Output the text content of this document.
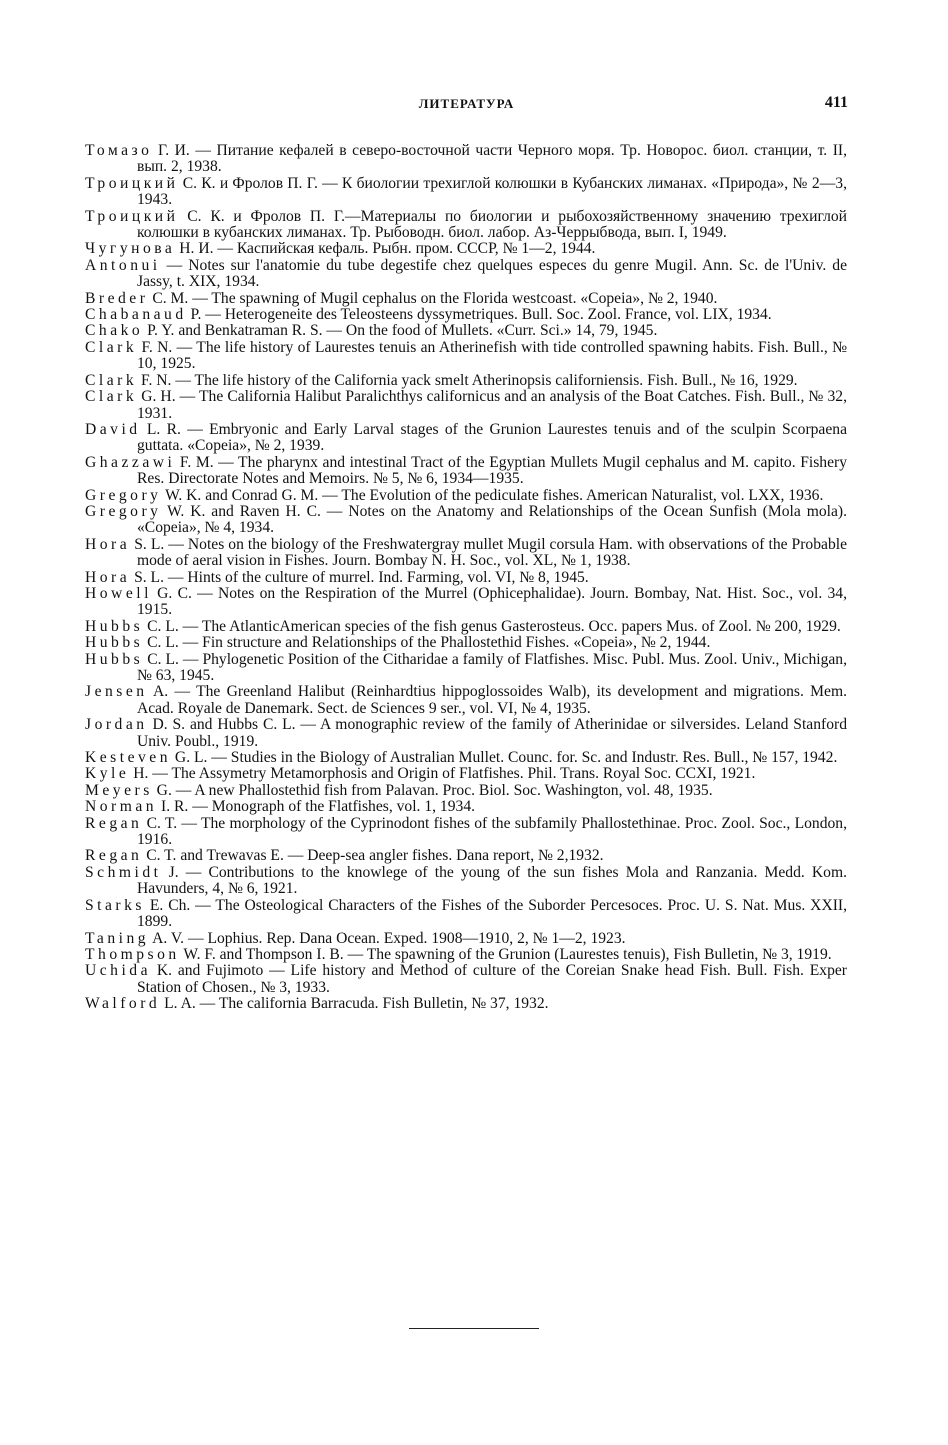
ЛИТЕРАТУРА	411
Томазо Г. И. — Питание кефалей в северо-восточной части Черного моря. Тр. Новорос. биол. станции, т. II, вып. 2, 1938.
Троицкий С. К. и Фролов П. Г. — К биологии трехиглой колюшки в Кубанских лиманах. «Природа», № 2—3, 1943.
Троицкий С. К. и Фролов П. Г.—Материалы по биологии и рыбохозяйственному значению трехиглой колюшки в кубанских лиманах. Тр. Рыбоводн. биол. лабор. Аз-Черрыбвода, вып. I, 1949.
Чугунова Н. И. — Каспийская кефаль. Рыбн. пром. СССР, № 1—2, 1944.
Antonui — Notes sur l'anatomie du tube degestife chez quelques especes du genre Mugil. Ann. Sc. de l'Univ. de Jassy, t. XIX, 1934.
Breder C. M. — The spawning of Mugil cephalus on the Florida westcoast. «Copeia», № 2, 1940.
Chabanaud P. — Heterogeneite des Teleosteens dyssymetriques. Bull. Soc. Zool. France, vol. LIX, 1934.
Chako P. Y. and Benkatraman R. S. — On the food of Mullets. «Curr. Sci.» 14, 79, 1945.
Clark F. N. — The life history of Laurestes tenuis an Atherinefish with tide controlled spawning habits. Fish. Bull., № 10, 1925.
Clark F. N. — The life history of the California yack smelt Atherinopsis californiensis. Fish. Bull., № 16, 1929.
Clark G. H. — The California Halibut Paralichthys californicus and an analysis of the Boat Catches. Fish. Bull., № 32, 1931.
David L. R. — Embryonic and Early Larval stages of the Grunion Laurestes tenuis and of the sculpin Scorpaena guttata. «Copeia», № 2, 1939.
Ghazzawi F. M. — The pharynx and intestinal Tract of the Egyptian Mullets Mugil cephalus and M. capito. Fishery Res. Directorate Notes and Memoirs. № 5, № 6, 1934—1935.
Gregory W. K. and Conrad G. M. — The Evolution of the pediculate fishes. American Naturalist, vol. LXX, 1936.
Gregory W. K. and Raven H. C. — Notes on the Anatomy and Relationships of the Ocean Sunfish (Mola mola). «Copeia», № 4, 1934.
Hora S. L. — Notes on the biology of the Freshwatergray mullet Mugil corsula Ham. with observations of the Probable mode of aeral vision in Fishes. Journ. Bombay N. H. Soc., vol. XL, № 1, 1938.
Hora S. L. — Hints of the culture of murrel. Ind. Farming, vol. VI, № 8, 1945.
Howell G. C. — Notes on the Respiration of the Murrel (Ophicephalidae). Journ. Bombay, Nat. Hist. Soc., vol. 34, 1915.
Hubbs C. L. — The AtlanticAmerican species of the fish genus Gasterosteus. Occ. papers Mus. of Zool. № 200, 1929.
Hubbs C. L. — Fin structure and Relationships of the Phallostethid Fishes. «Copeia», № 2, 1944.
Hubbs C. L. — Phylogenetic Position of the Citharidae a family of Flatfishes. Misc. Publ. Mus. Zool. Univ., Michigan, № 63, 1945.
Jensen A. — The Greenland Halibut (Reinhardtius hippoglossoides Walb), its development and migrations. Mem. Acad. Royale de Danemark. Sect. de Sciences 9 ser., vol. VI, № 4, 1935.
Jordan D. S. and Hubbs C. L. — A monographic review of the family of Atherinidae or silversides. Leland Stanford Univ. Poubl., 1919.
Kesteven G. L. — Studies in the Biology of Australian Mullet. Counc. for. Sc. and Industr. Res. Bull., № 157, 1942.
Kyle H. — The Assymetry Metamorphosis and Origin of Flatfishes. Phil. Trans. Royal Soc. CCXI, 1921.
Meyers G. — A new Phallostethid fish from Palavan. Proc. Biol. Soc. Washington, vol. 48, 1935.
Norman I. R. — Monograph of the Flatfishes, vol. 1, 1934.
Regan C. T. — The morphology of the Cyprinodont fishes of the subfamily Phallostethinae. Proc. Zool. Soc., London, 1916.
Regan C. T. and Trewavas E. — Deep-sea angler fishes. Dana report, № 2,1932.
Schmidt J. — Contributions to the knowlege of the young of the sun fishes Mola and Ranzania. Medd. Kom. Havunders, 4, № 6, 1921.
Starks E. Ch. — The Osteological Characters of the Fishes of the Suborder Percesoces. Proc. U. S. Nat. Mus. XXII, 1899.
Taning A. V. — Lophius. Rep. Dana Ocean. Exped. 1908—1910, 2, № 1—2, 1923.
Thompson W. F. and Thompson I. B. — The spawning of the Grunion (Laurestes tenuis), Fish Bulletin, № 3, 1919.
Uchida K. and Fujimoto — Life history and Method of culture of the Coreian Snake head Fish. Bull. Fish. Exper Station of Chosen., № 3, 1933.
Walford L. A. — The california Barracuda. Fish Bulletin, № 37, 1932.
